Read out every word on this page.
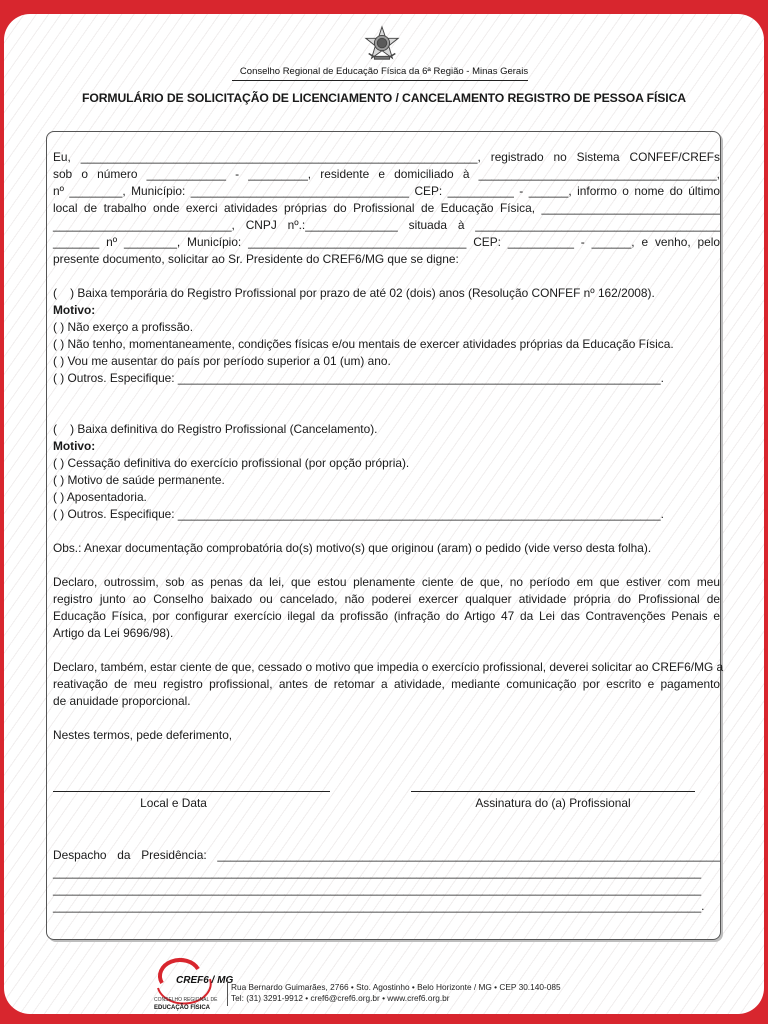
Conselho Regional de Educação Física da 6ª Região - Minas Gerais
FORMULÁRIO DE SOLICITAÇÃO DE LICENCIAMENTO / CANCELAMENTO REGISTRO DE PESSOA FÍSICA
Eu, ____________________________________________________________, registrado no Sistema CONFEF/CREFs
sob o número ____________ - _________, residente e domiciliado à ____________________________________,
nº ________, Município: _________________________________ CEP: __________ - ______, informo o nome do último
local de trabalho onde exerci atividades próprias do Profissional de Educação Física, ___________________________
___________________________, CNPJ nº.:______________ situada à _____________________________________
_______ nº ________, Município: _________________________________ CEP: __________ - ______, e venho, pelo
presente documento, solicitar ao Sr. Presidente do CREF6/MG que se digne:
(    ) Baixa temporária do Registro Profissional por prazo de até 02 (dois) anos (Resolução CONFEF nº 162/2008).
Motivo:
( ) Não exerço a profissão.
( ) Não tenho, momentaneamente, condições físicas e/ou mentais de exercer atividades próprias da Educação Física.
( ) Vou me ausentar do país por período superior a 01 (um) ano.
( ) Outros. Especifique: _________________________________________________________________________.
(    ) Baixa definitiva do Registro Profissional (Cancelamento).
Motivo:
( ) Cessação definitiva do exercício profissional (por opção própria).
( ) Motivo de saúde permanente.
( ) Aposentadoria.
( ) Outros. Especifique: _________________________________________________________________________.
Obs.: Anexar documentação comprobatória do(s) motivo(s) que originou (aram) o pedido (vide verso desta folha).
Declaro, outrossim, sob as penas da lei, que estou plenamente ciente de que, no período em que estiver com meu
registro junto ao Conselho baixado ou cancelado, não poderei exercer qualquer atividade própria do Profissional de
Educação Física, por configurar exercício ilegal da profissão (infração do Artigo 47 da Lei das Contravenções Penais e
Artigo da Lei 9696/98).
Declaro, também, estar ciente de que, cessado o motivo que impedia o exercício profissional, deverei solicitar ao CREF6/MG a
reativação de meu registro profissional, antes de retomar a atividade, mediante comunicação por escrito e pagamento
de anuidade proporcional.
Nestes termos, pede deferimento,
Local e Data	Assinatura do (a) Profissional
Despacho da Presidência: ____________________________________________________________________________
__________________________________________________________________________________________________
__________________________________________________________________________________________________
__________________________________________________________________________________________________.
CREF6 / MG
CONSELHO REGIONAL DE
EDUCAÇÃO FÍSICA
Rua Bernardo Guimarães, 2766 • Sto. Agostinho • Belo Horizonte / MG • CEP 30.140-085
Tel: (31) 3291-9912 • cref6@cref6.org.br • www.cref6.org.br
